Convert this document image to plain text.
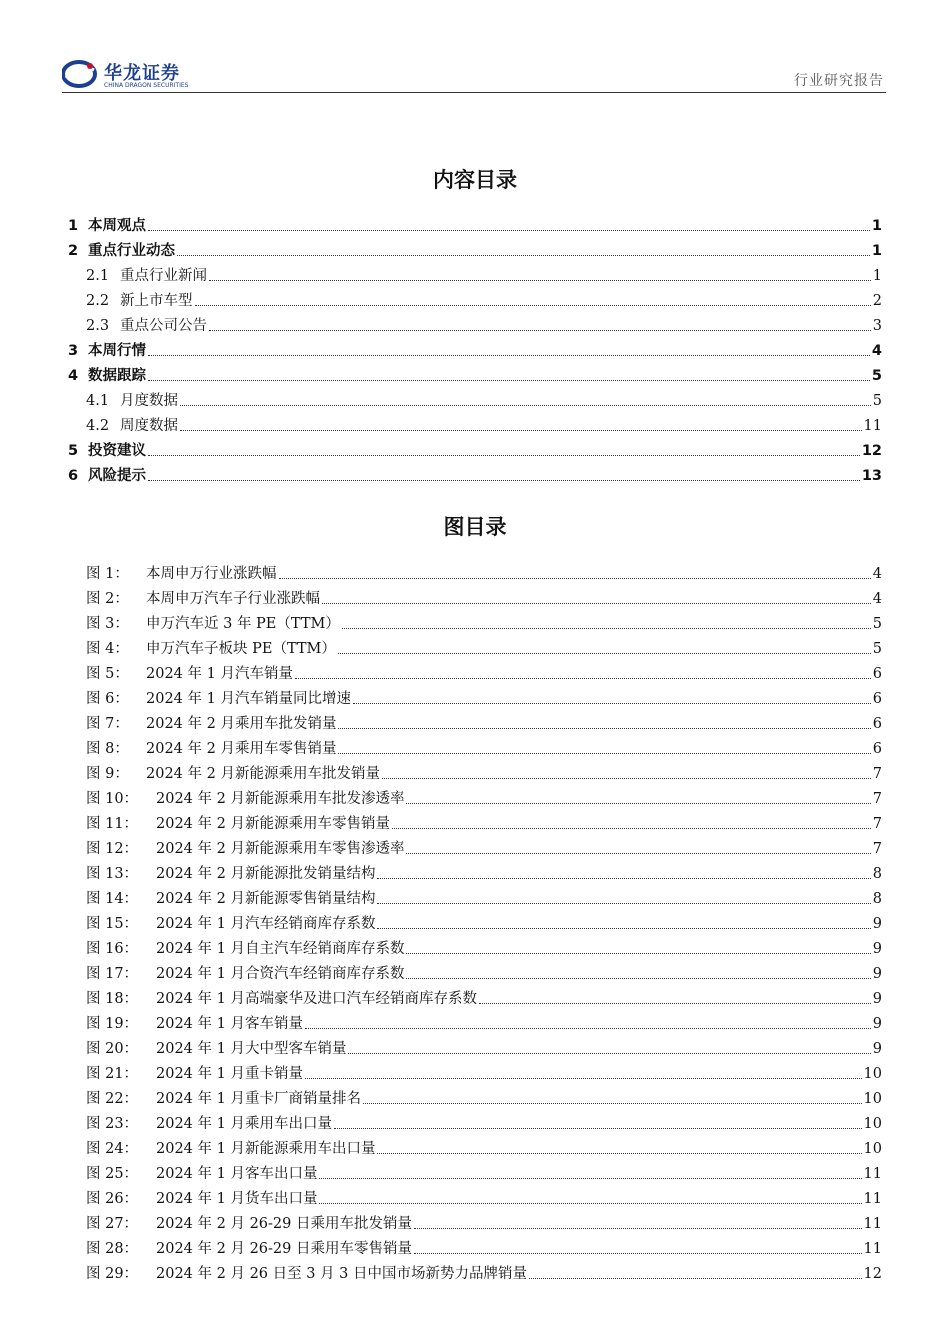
华龙证券
CHINA DRAGON SECURITIES	行业研究报告
内容目录
1 本周观点	1
2 重点行业动态	1
2.1 重点行业新闻	1
2.2 新上市车型	2
2.3 重点公司公告	3
3 本周行情	4
4 数据跟踪	5
4.1 月度数据	5
4.2 周度数据	11
5 投资建议	12
6 风险提示	13
图目录
图 1： 本周申万行业涨跌幅	4
图 2： 本周申万汽车子行业涨跌幅	4
图 3： 申万汽车近 3 年 PE（TTM）	5
图 4： 申万汽车子板块 PE（TTM）	5
图 5： 2024 年 1 月汽车销量	6
图 6： 2024 年 1 月汽车销量同比增速	6
图 7： 2024 年 2 月乘用车批发销量	6
图 8： 2024 年 2 月乘用车零售销量	6
图 9： 2024 年 2 月新能源乘用车批发销量	7
图 10： 2024 年 2 月新能源乘用车批发渗透率	7
图 11： 2024 年 2 月新能源乘用车零售销量	7
图 12： 2024 年 2 月新能源乘用车零售渗透率	7
图 13： 2024 年 2 月新能源批发销量结构	8
图 14： 2024 年 2 月新能源零售销量结构	8
图 15： 2024 年 1 月汽车经销商库存系数	9
图 16： 2024 年 1 月自主汽车经销商库存系数	9
图 17： 2024 年 1 月合资汽车经销商库存系数	9
图 18： 2024 年 1 月高端豪华及进口汽车经销商库存系数	9
图 19： 2024 年 1 月客车销量	9
图 20： 2024 年 1 月大中型客车销量	9
图 21： 2024 年 1 月重卡销量	10
图 22： 2024 年 1 月重卡厂商销量排名	10
图 23： 2024 年 1 月乘用车出口量	10
图 24： 2024 年 1 月新能源乘用车出口量	10
图 25： 2024 年 1 月客车出口量	11
图 26： 2024 年 1 月货车出口量	11
图 27： 2024 年 2 月 26-29 日乘用车批发销量	11
图 28： 2024 年 2 月 26-29 日乘用车零售销量	11
图 29： 2024 年 2 月 26 日至 3 月 3 日中国市场新势力品牌销量	12
